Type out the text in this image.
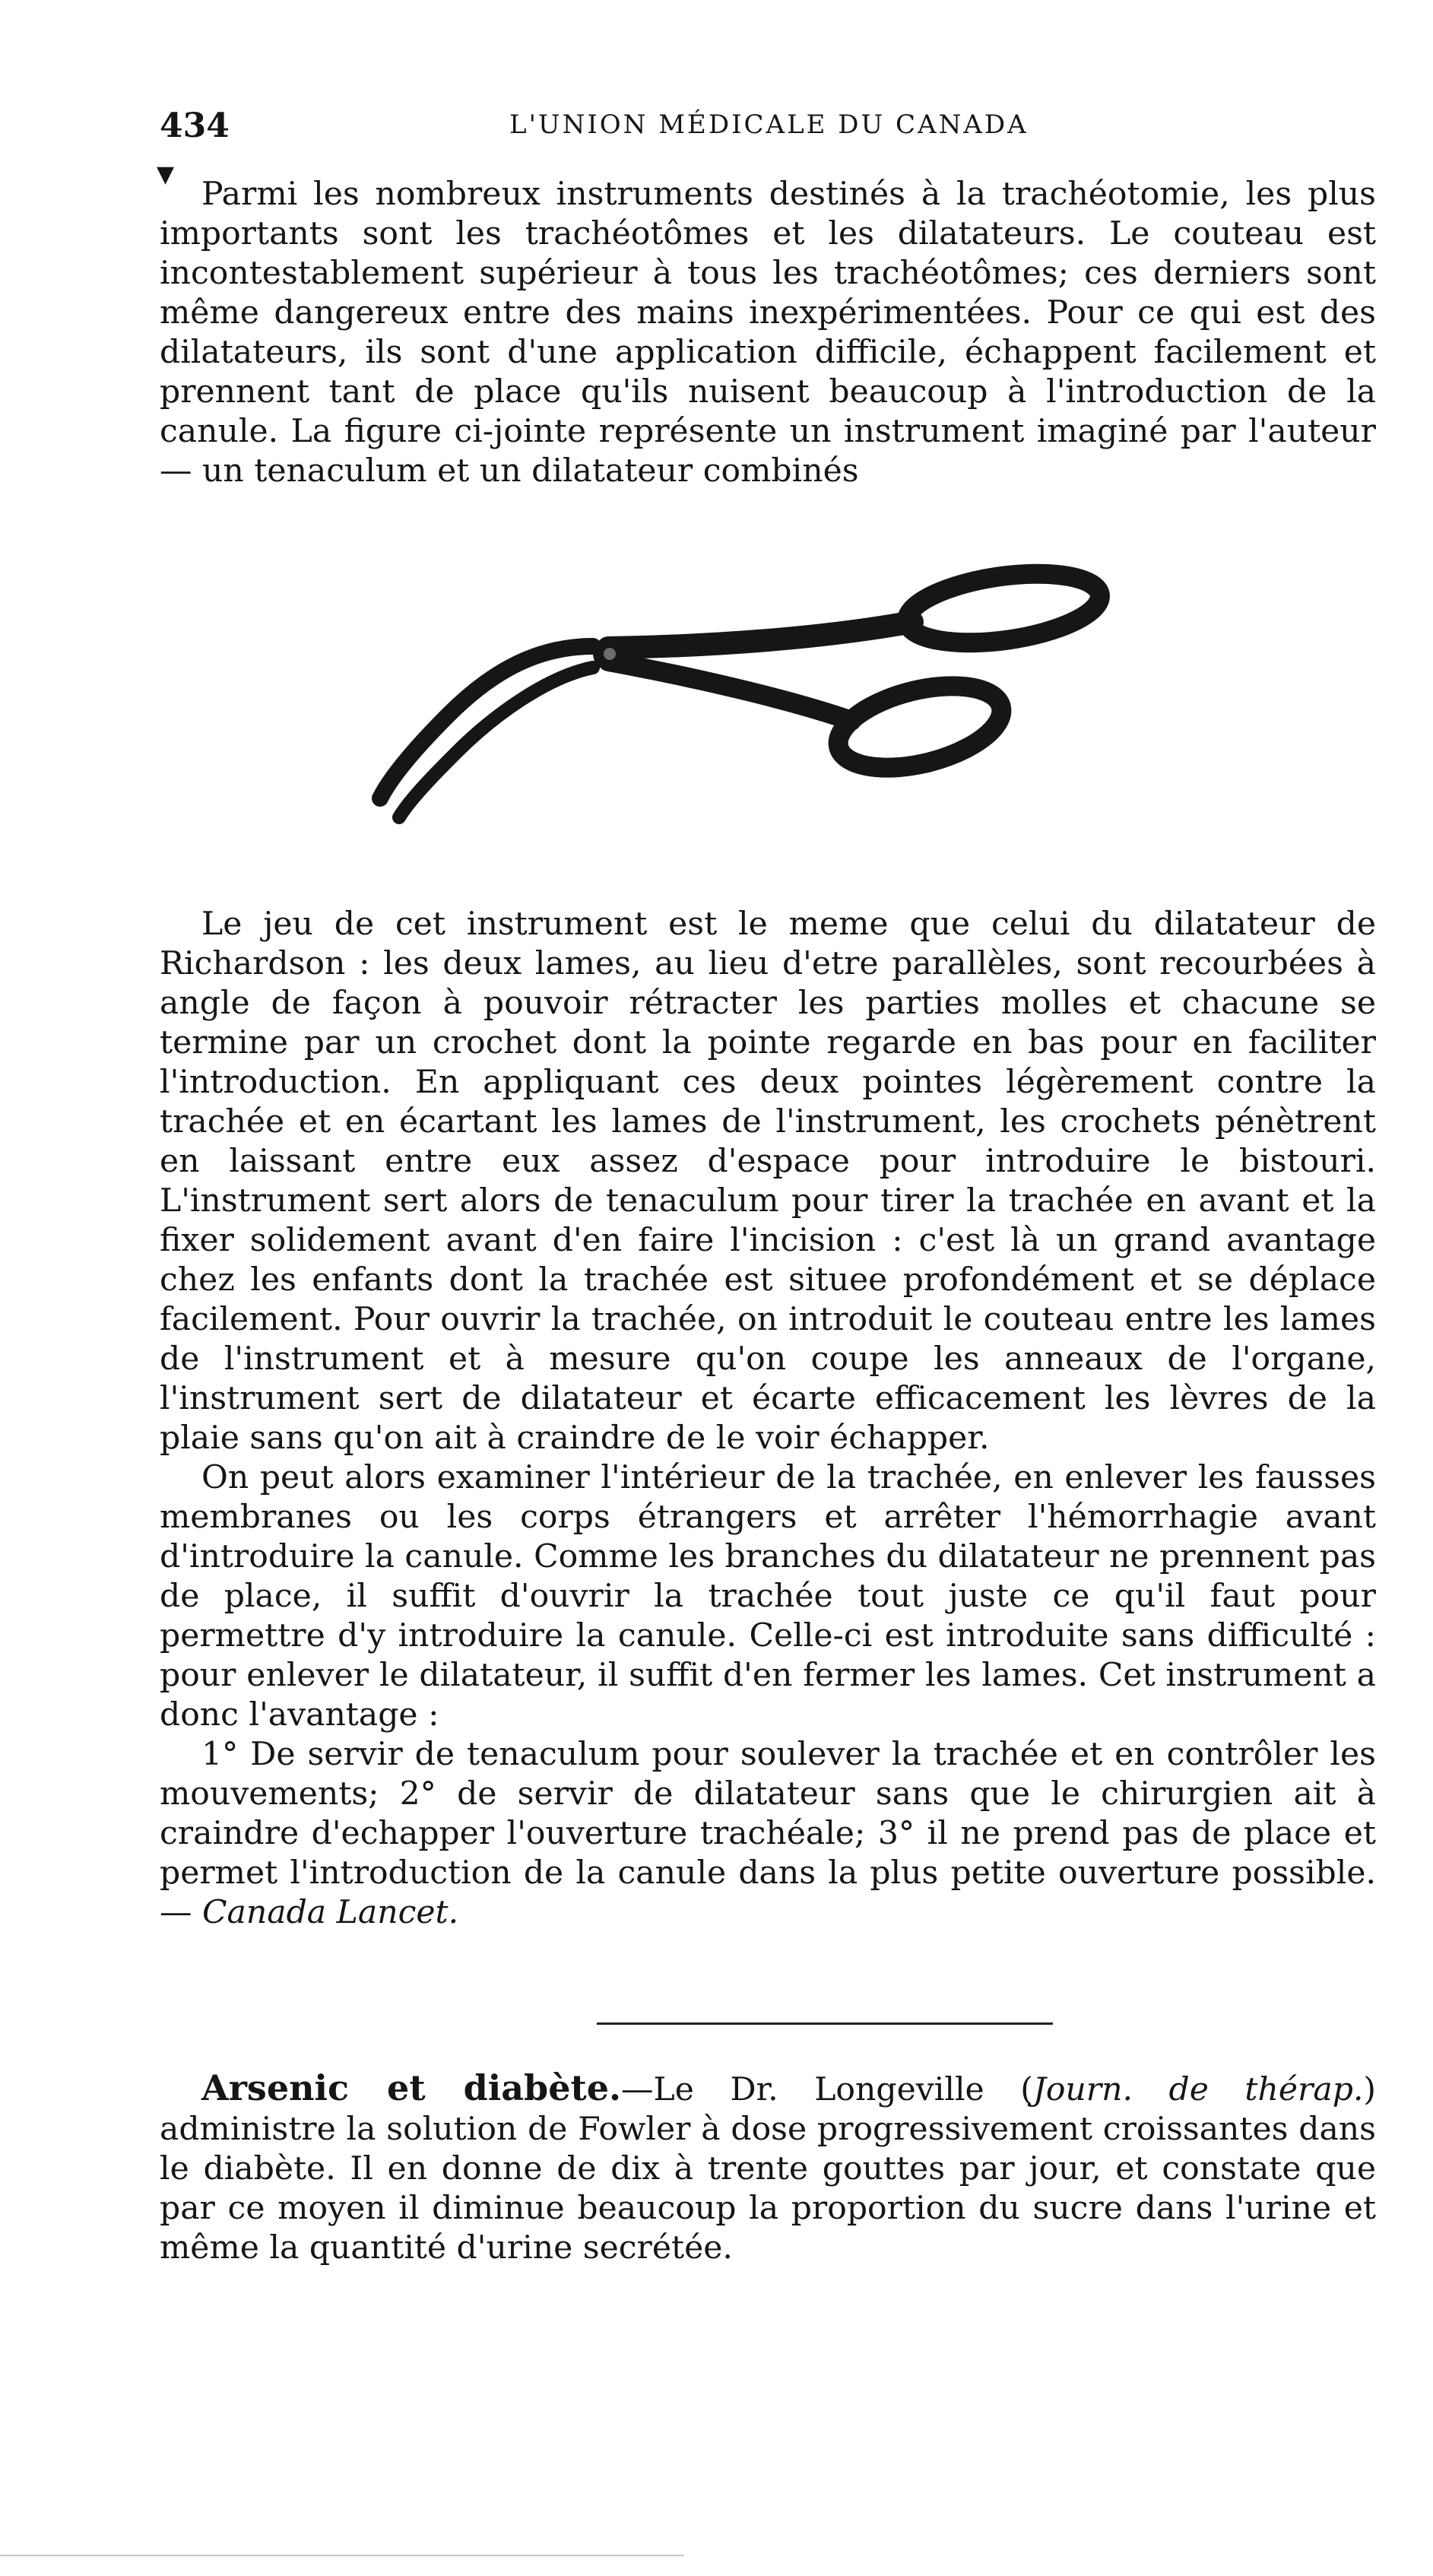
434	L'UNION MÉDICALE DU CANADA
▼

Parmi les nombreux instruments destinés à la trachéotomie, les plus importants sont les trachéotômes et les dilatateurs. Le couteau est incontestablement supérieur à tous les trachéotômes; ces derniers sont même dangereux entre des mains inexpérimentées. Pour ce qui est des dilatateurs, ils sont d'une application difficile, échappent facilement et prennent tant de place qu'ils nuisent beaucoup à l'introduction de la canule. La figure ci-jointe représente un instrument imaginé par l'auteur — un tenaculum et un dilatateur combinés

Le jeu de cet instrument est le meme que celui du dilatateur de Richardson : les deux lames, au lieu d'etre parallèles, sont recourbées à angle de façon à pouvoir rétracter les parties molles et chacune se termine par un crochet dont la pointe regarde en bas pour en faciliter l'introduction. En appliquant ces deux pointes légèrement contre la trachée et en écartant les lames de l'instrument, les crochets pénètrent en laissant entre eux assez d'espace pour introduire le bistouri. L'instrument sert alors de tenaculum pour tirer la trachée en avant et la fixer solidement avant d'en faire l'incision : c'est là un grand avantage chez les enfants dont la trachée est situee profondément et se déplace facilement. Pour ouvrir la trachée, on introduit le couteau entre les lames de l'instrument et à mesure qu'on coupe les anneaux de l'organe, l'instrument sert de dilatateur et écarte efficacement les lèvres de la plaie sans qu'on ait à craindre de le voir échapper.

On peut alors examiner l'intérieur de la trachée, en enlever les fausses membranes ou les corps étrangers et arrêter l'hémorrhagie avant d'introduire la canule. Comme les branches du dilatateur ne prennent pas de place, il suffit d'ouvrir la trachée tout juste ce qu'il faut pour permettre d'y introduire la canule. Celle-ci est introduite sans difficulté : pour enlever le dilatateur, il suffit d'en fermer les lames. Cet instrument a donc l'avantage :

1° De servir de tenaculum pour soulever la trachée et en contrôler les mouvements; 2° de servir de dilatateur sans que le chirurgien ait à craindre d'echapper l'ouverture trachéale; 3° il ne prend pas de place et permet l'introduction de la canule dans la plus petite ouverture possible. — Canada Lancet.

Arsenic et diabète.—Le Dr. Longeville (Journ. de thérap.) administre la solution de Fowler à dose progressivement croissantes dans le diabète. Il en donne de dix à trente gouttes par jour, et constate que par ce moyen il diminue beaucoup la proportion du sucre dans l'urine et même la quantité d'urine secrétée.
